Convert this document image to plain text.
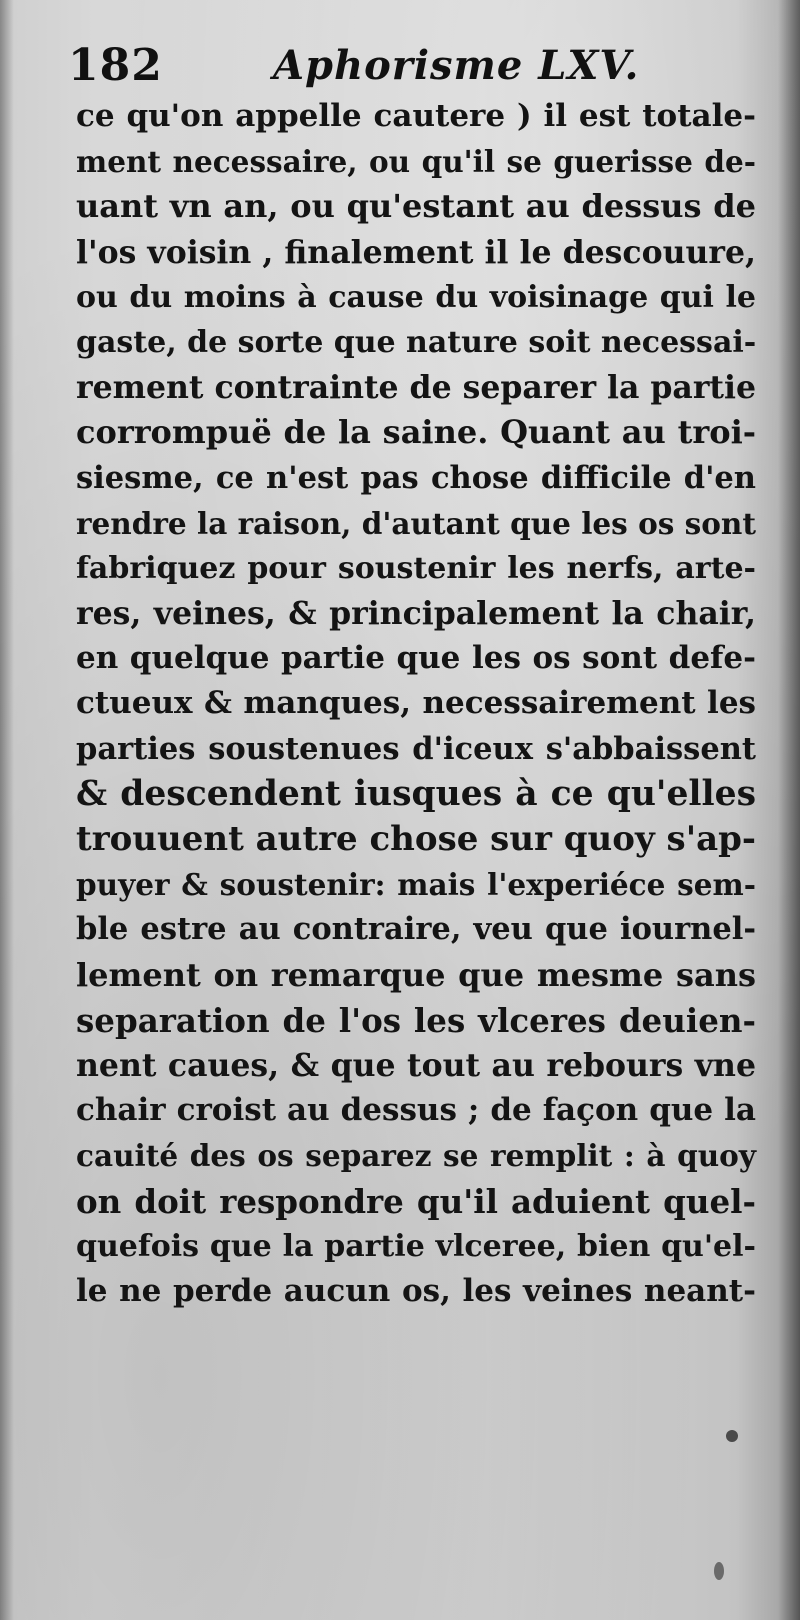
182	Aphorisme LXV.
ce qu'on appelle cautere ) il est totale-
ment necessaire, ou qu'il se guerisse de-
uant vn an, ou qu'estant au dessus de
l'os voisin , finalement il le descouure,
ou du moins à cause du voisinage qui le
gaste, de sorte que nature soit necessai-
rement contrainte de separer la partie
corrompuë de la saine. Quant au troi-
siesme, ce n'est pas chose difficile d'en
rendre la raison, d'autant que les os sont
fabriquez pour soustenir les nerfs, arte-
res, veines, & principalement la chair,
en quelque partie que les os sont defe-
ctueux & manques, necessairement les
parties soustenues d'iceux s'abbaissent
& descendent iusques à ce qu'elles
trouuent autre chose sur quoy s'ap-
puyer & soustenir: mais l'experiéce sem-
ble estre au contraire, veu que iournel-
lement on remarque que mesme sans
separation de l'os les vlceres deuien-
nent caues, & que tout au rebours vne
chair croist au dessus ; de façon que la
cauité des os separez se remplit : à quoy
on doit respondre qu'il aduient quel-
quefois que la partie vlceree, bien qu'el-
le ne perde aucun os, les veines neant-
